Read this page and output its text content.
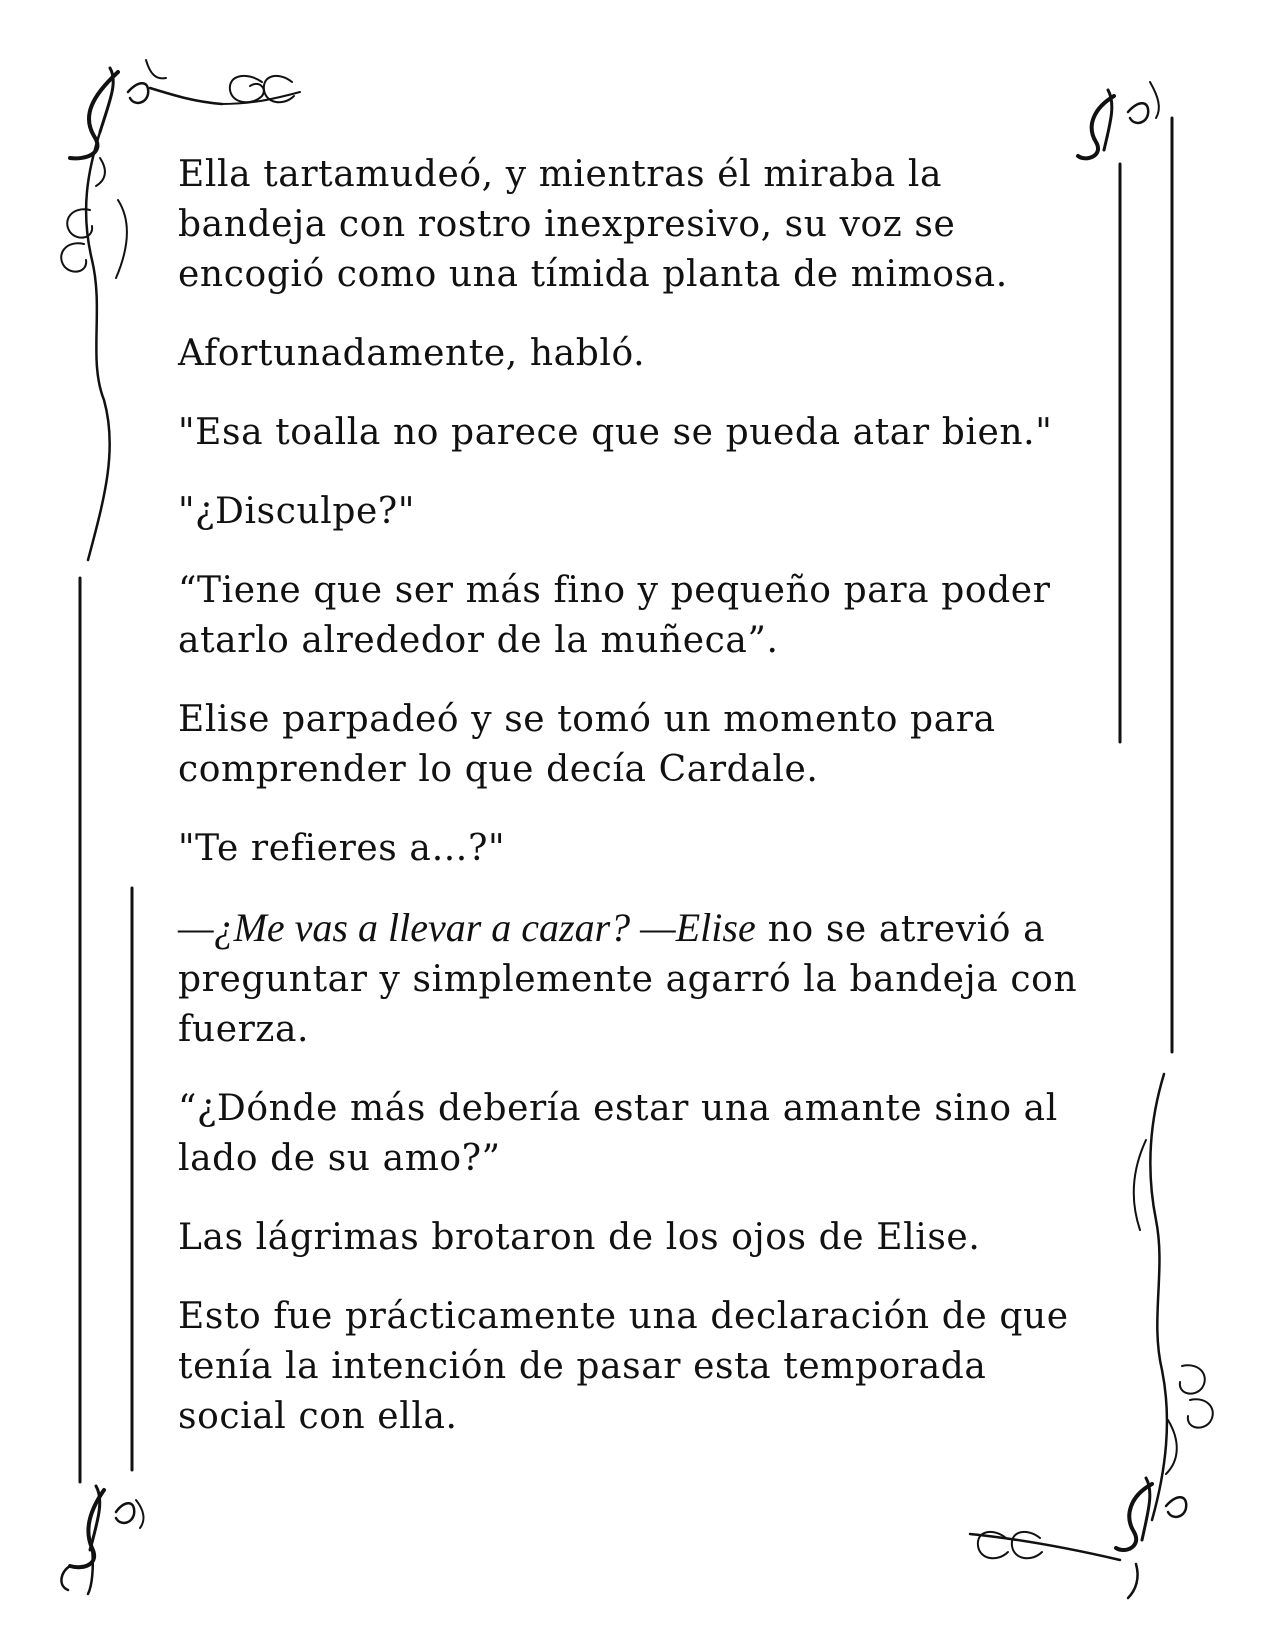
Ella tartamudeó, y mientras él miraba la bandeja con rostro inexpresivo, su voz se encogió como una tímida planta de mimosa.

Afortunadamente, habló.

"Esa toalla no parece que se pueda atar bien."

"¿Disculpe?"

“Tiene que ser más fino y pequeño para poder atarlo alrededor de la muñeca”.

Elise parpadeó y se tomó un momento para comprender lo que decía Cardale.

"Te refieres a…?"

—¿Me vas a llevar a cazar? —Elise no se atrevió a preguntar y simplemente agarró la bandeja con fuerza.

“¿Dónde más debería estar una amante sino al lado de su amo?”

Las lágrimas brotaron de los ojos de Elise.

Esto fue prácticamente una declaración de que tenía la intención de pasar esta temporada social con ella.
